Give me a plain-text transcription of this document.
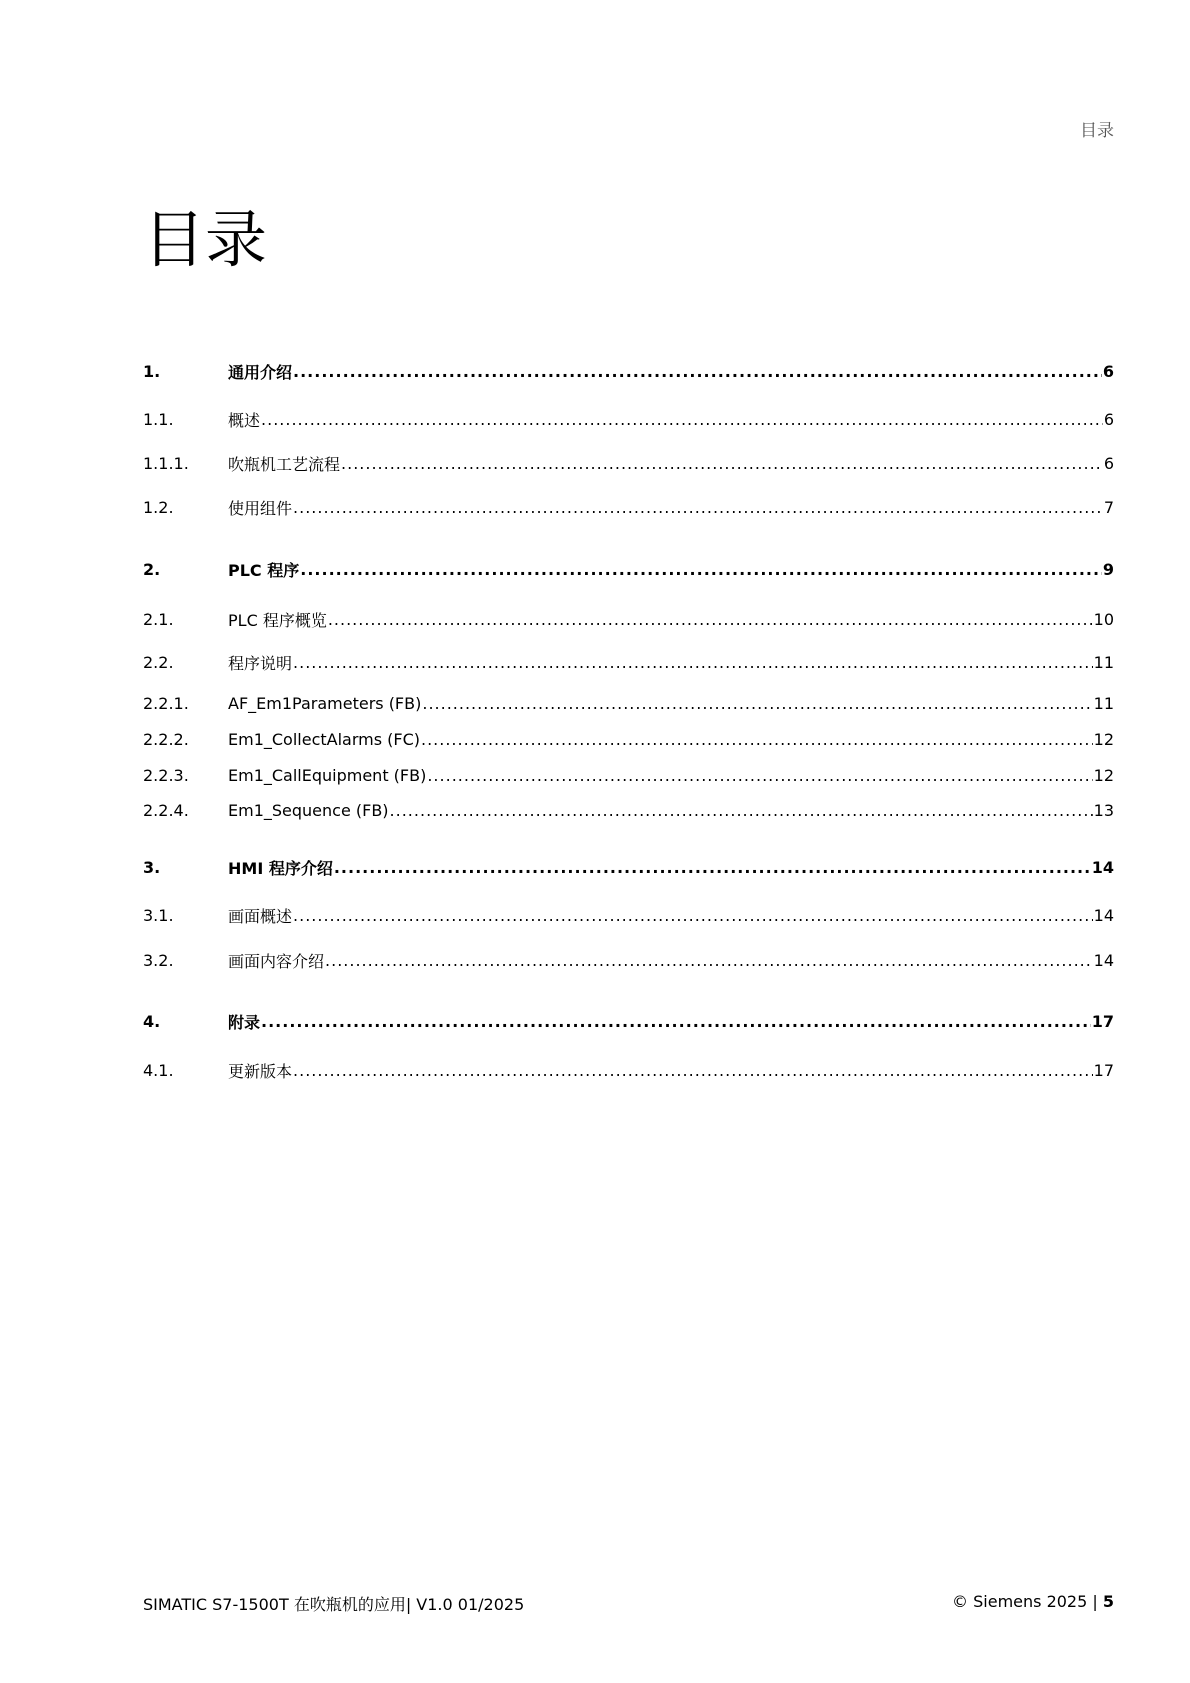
目录
目录
1.	通用介绍 .....	6
1.1.	概述 .....	6
1.1.1.	吹瓶机工艺流程 .....	6
1.2.	使用组件 .....	7
2.	PLC 程序 .....	9
2.1.	PLC 程序概览 .....	10
2.2.	程序说明 .....	11
2.2.1.	AF_Em1Parameters (FB) .....	11
2.2.2.	Em1_CollectAlarms (FC) .....	12
2.2.3.	Em1_CallEquipment (FB) .....	12
2.2.4.	Em1_Sequence (FB) .....	13
3.	HMI 程序介绍 .....	14
3.1.	画面概述 .....	14
3.2.	画面内容介绍 .....	14
4.	附录 .....	17
4.1.	更新版本 .....	17
SIMATIC S7-1500T 在吹瓶机的应用| V1.0 01/2025	© Siemens 2025 | 5
